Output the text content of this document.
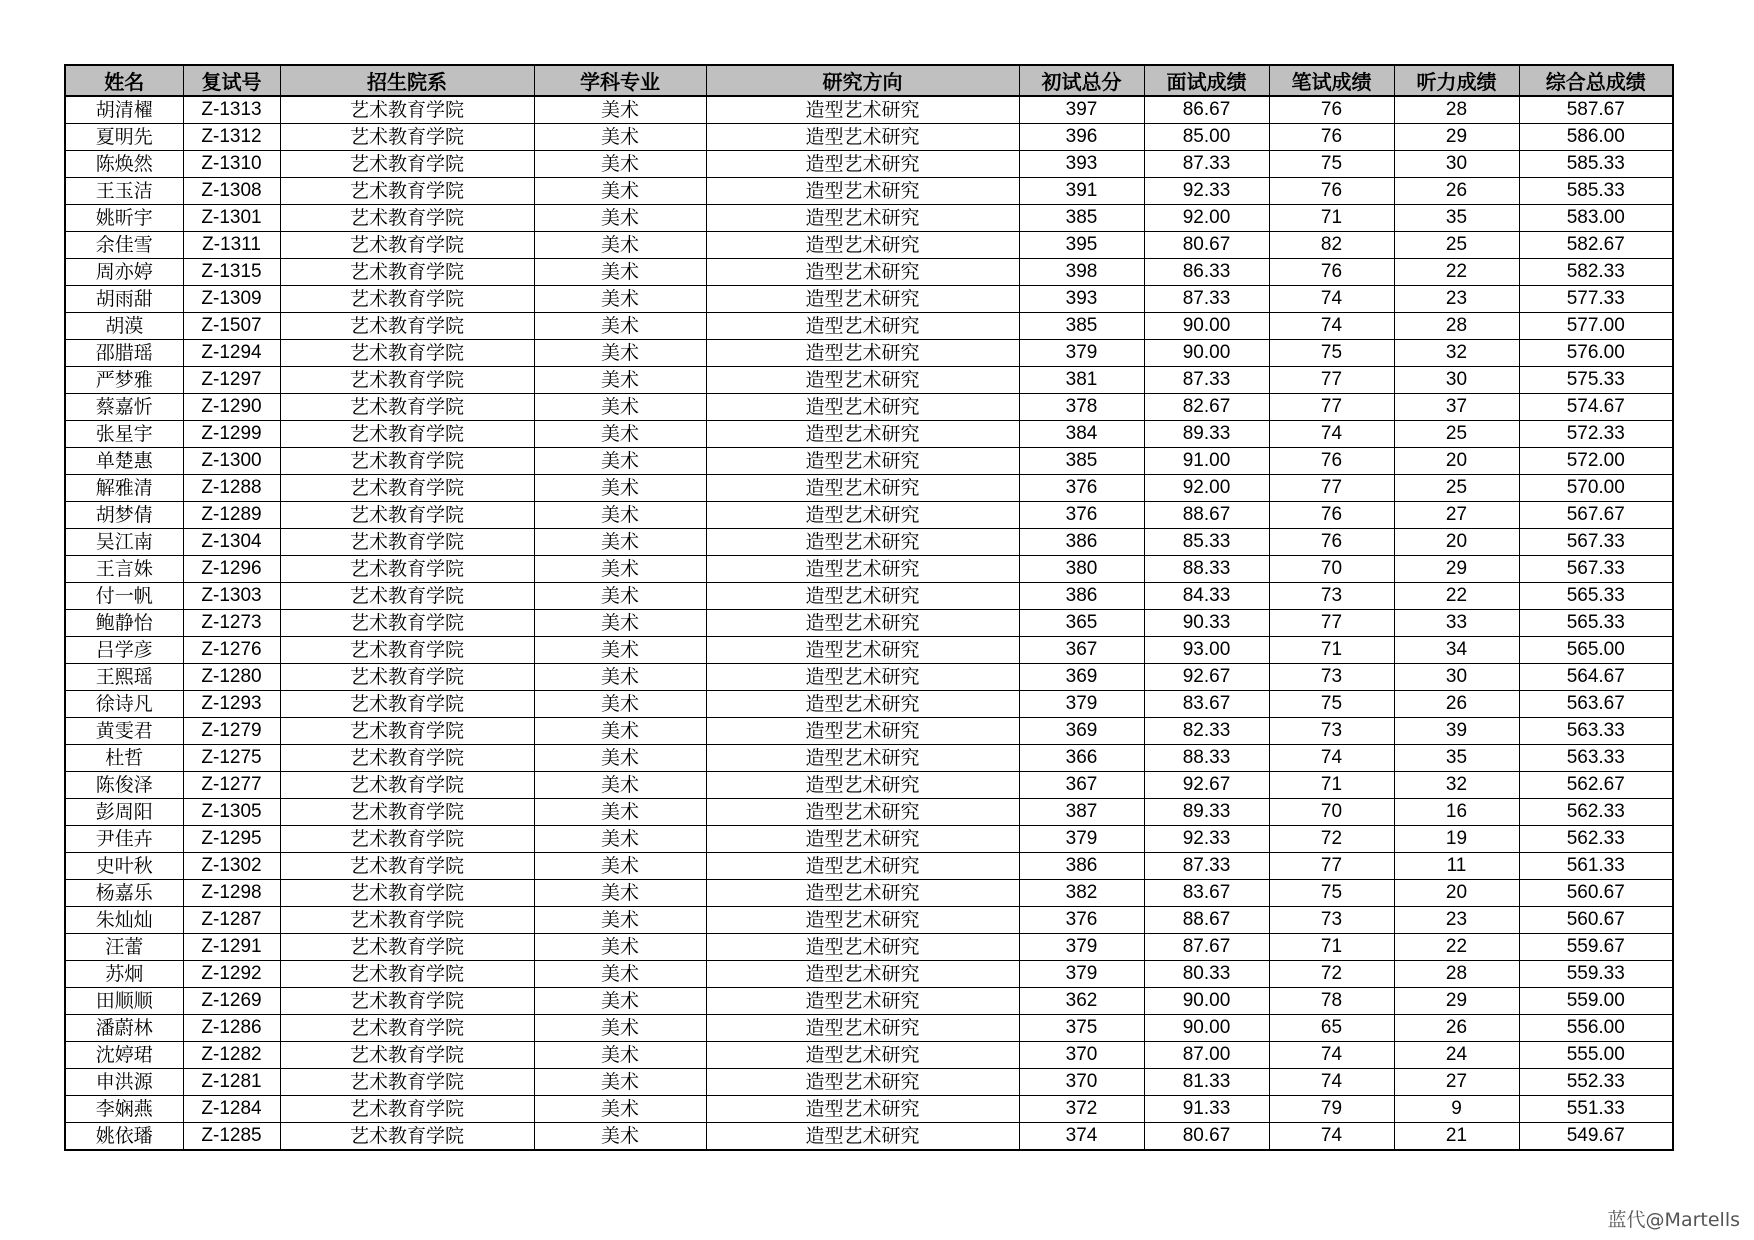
姓名	复试号	招生院系	学科专业	研究方向	初试总分	面试成绩	笔试成绩	听力成绩	综合总成绩
胡清櫂	Z-1313	艺术教育学院	美术	造型艺术研究	397	86.67	76	28	587.67
夏明先	Z-1312	艺术教育学院	美术	造型艺术研究	396	85.00	76	29	586.00
陈焕然	Z-1310	艺术教育学院	美术	造型艺术研究	393	87.33	75	30	585.33
王玉洁	Z-1308	艺术教育学院	美术	造型艺术研究	391	92.33	76	26	585.33
姚昕宇	Z-1301	艺术教育学院	美术	造型艺术研究	385	92.00	71	35	583.00
余佳雪	Z-1311	艺术教育学院	美术	造型艺术研究	395	80.67	82	25	582.67
周亦婷	Z-1315	艺术教育学院	美术	造型艺术研究	398	86.33	76	22	582.33
胡雨甜	Z-1309	艺术教育学院	美术	造型艺术研究	393	87.33	74	23	577.33
胡漠	Z-1507	艺术教育学院	美术	造型艺术研究	385	90.00	74	28	577.00
邵腊瑶	Z-1294	艺术教育学院	美术	造型艺术研究	379	90.00	75	32	576.00
严梦雅	Z-1297	艺术教育学院	美术	造型艺术研究	381	87.33	77	30	575.33
蔡嘉忻	Z-1290	艺术教育学院	美术	造型艺术研究	378	82.67	77	37	574.67
张星宇	Z-1299	艺术教育学院	美术	造型艺术研究	384	89.33	74	25	572.33
单楚惠	Z-1300	艺术教育学院	美术	造型艺术研究	385	91.00	76	20	572.00
解雅清	Z-1288	艺术教育学院	美术	造型艺术研究	376	92.00	77	25	570.00
胡梦倩	Z-1289	艺术教育学院	美术	造型艺术研究	376	88.67	76	27	567.67
吴江南	Z-1304	艺术教育学院	美术	造型艺术研究	386	85.33	76	20	567.33
王言姝	Z-1296	艺术教育学院	美术	造型艺术研究	380	88.33	70	29	567.33
付一帆	Z-1303	艺术教育学院	美术	造型艺术研究	386	84.33	73	22	565.33
鲍静怡	Z-1273	艺术教育学院	美术	造型艺术研究	365	90.33	77	33	565.33
吕学彦	Z-1276	艺术教育学院	美术	造型艺术研究	367	93.00	71	34	565.00
王熙瑶	Z-1280	艺术教育学院	美术	造型艺术研究	369	92.67	73	30	564.67
徐诗凡	Z-1293	艺术教育学院	美术	造型艺术研究	379	83.67	75	26	563.67
黄雯君	Z-1279	艺术教育学院	美术	造型艺术研究	369	82.33	73	39	563.33
杜哲	Z-1275	艺术教育学院	美术	造型艺术研究	366	88.33	74	35	563.33
陈俊泽	Z-1277	艺术教育学院	美术	造型艺术研究	367	92.67	71	32	562.67
彭周阳	Z-1305	艺术教育学院	美术	造型艺术研究	387	89.33	70	16	562.33
尹佳卉	Z-1295	艺术教育学院	美术	造型艺术研究	379	92.33	72	19	562.33
史叶秋	Z-1302	艺术教育学院	美术	造型艺术研究	386	87.33	77	11	561.33
杨嘉乐	Z-1298	艺术教育学院	美术	造型艺术研究	382	83.67	75	20	560.67
朱灿灿	Z-1287	艺术教育学院	美术	造型艺术研究	376	88.67	73	23	560.67
汪蕾	Z-1291	艺术教育学院	美术	造型艺术研究	379	87.67	71	22	559.67
苏炯	Z-1292	艺术教育学院	美术	造型艺术研究	379	80.33	72	28	559.33
田顺顺	Z-1269	艺术教育学院	美术	造型艺术研究	362	90.00	78	29	559.00
潘蔚林	Z-1286	艺术教育学院	美术	造型艺术研究	375	90.00	65	26	556.00
沈婷珺	Z-1282	艺术教育学院	美术	造型艺术研究	370	87.00	74	24	555.00
申洪源	Z-1281	艺术教育学院	美术	造型艺术研究	370	81.33	74	27	552.33
李娴燕	Z-1284	艺术教育学院	美术	造型艺术研究	372	91.33	79	9	551.33
姚依璠	Z-1285	艺术教育学院	美术	造型艺术研究	374	80.67	74	21	549.67
蓝代@Martells
